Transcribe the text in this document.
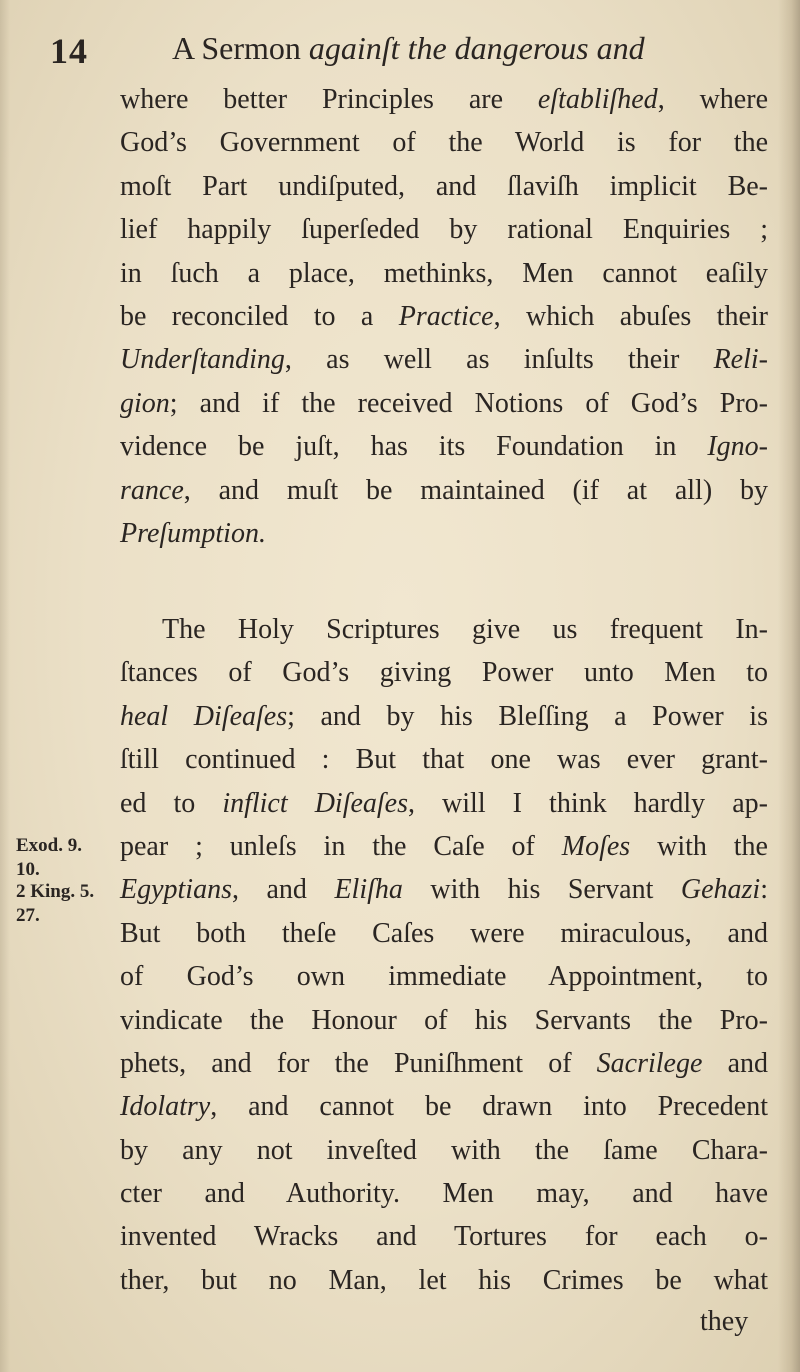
14	A Sermon againſt the dangerous and
where better Principles are eſtabliſhed, where
God’s Government of the World is for the
moſt Part undiſputed, and ſlaviſh implicit Be-
lief happily ſuperſeded by rational Enquiries ;
in ſuch a place, methinks, Men cannot eaſily
be reconciled to a Practice, which abuſes their
Underſtanding, as well as inſults their Reli-
gion; and if the received Notions of God’s Pro-
vidence be juſt, has its Foundation in Igno-
rance, and muſt be maintained (if at all) by
Preſumption.
The Holy Scriptures give us frequent In-
ſtances of God’s giving Power unto Men to
heal Diſeaſes; and by his Bleſſing a Power is
ſtill continued : But that one was ever grant-
ed to inflict Diſeaſes, will I think hardly ap-
pear ; unleſs in the Caſe of Moſes with the
Egyptians, and Eliſha with his Servant Gehazi:
But both theſe Caſes were miraculous, and
of God’s own immediate Appointment, to
vindicate the Honour of his Servants the Pro-
phets, and for the Puniſhment of Sacrilege and
Idolatry, and cannot be drawn into Precedent
by any not inveſted with the ſame Chara-
cter and Authority. Men may, and have
invented Wracks and Tortures for each o-
ther, but no Man, let his Crimes be what
Exod. 9.
10.
2 King. 5.
27.
they
